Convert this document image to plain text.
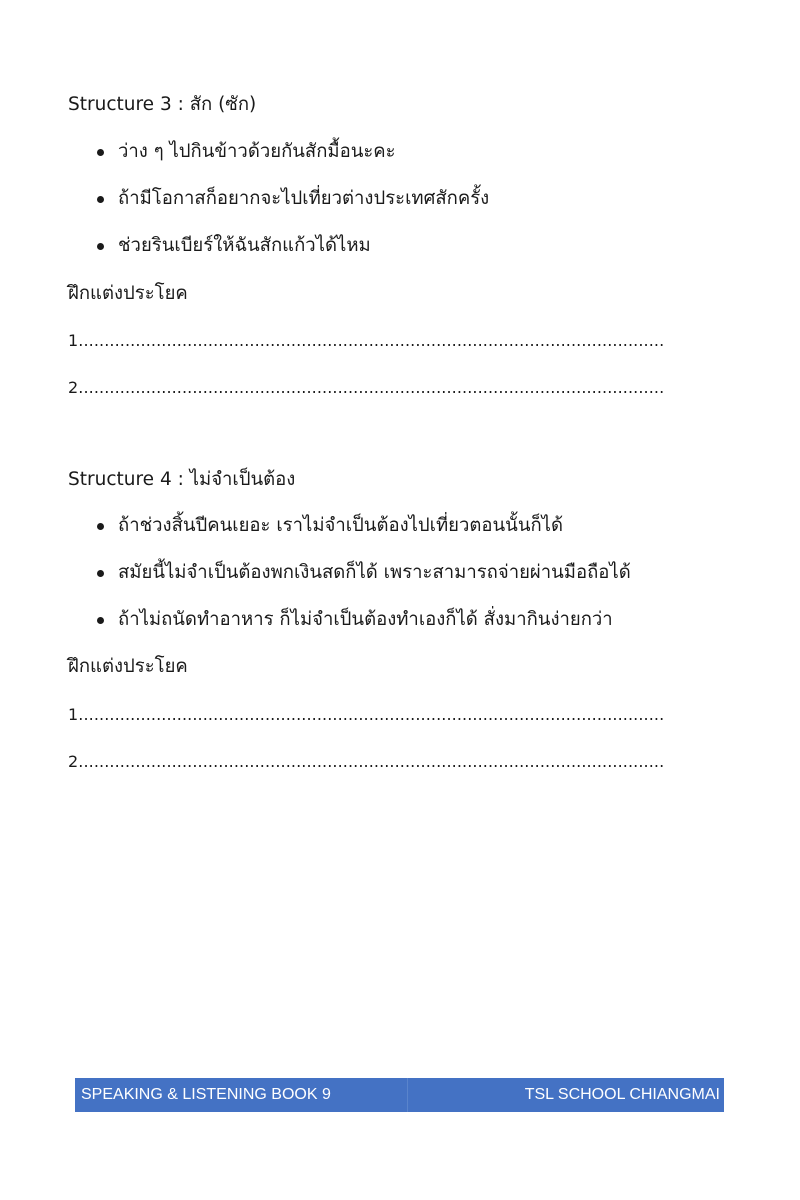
Structure 3 : สัก (ซัก)

ว่าง ๆ ไปกินข้าวด้วยกันสักมื้อนะคะ
ถ้ามีโอกาสก็อยากจะไปเที่ยวต่างประเทศสักครั้ง
ช่วยรินเบียร์ให้ฉันสักแก้วได้ไหม
ฝึกแต่งประโยค
1.................................................................................................................
2.................................................................................................................

Structure 4 : ไม่จำเป็นต้อง

ถ้าช่วงสิ้นปีคนเยอะ เราไม่จำเป็นต้องไปเที่ยวตอนนั้นก็ได้
สมัยนี้ไม่จำเป็นต้องพกเงินสดก็ได้ เพราะสามารถจ่ายผ่านมือถือได้
ถ้าไม่ถนัดทำอาหาร ก็ไม่จำเป็นต้องทำเองก็ได้ สั่งมากินง่ายกว่า
ฝึกแต่งประโยค
1.................................................................................................................
2.................................................................................................................
SPEAKING & LISTENING BOOK 9	TSL SCHOOL CHIANGMAI
